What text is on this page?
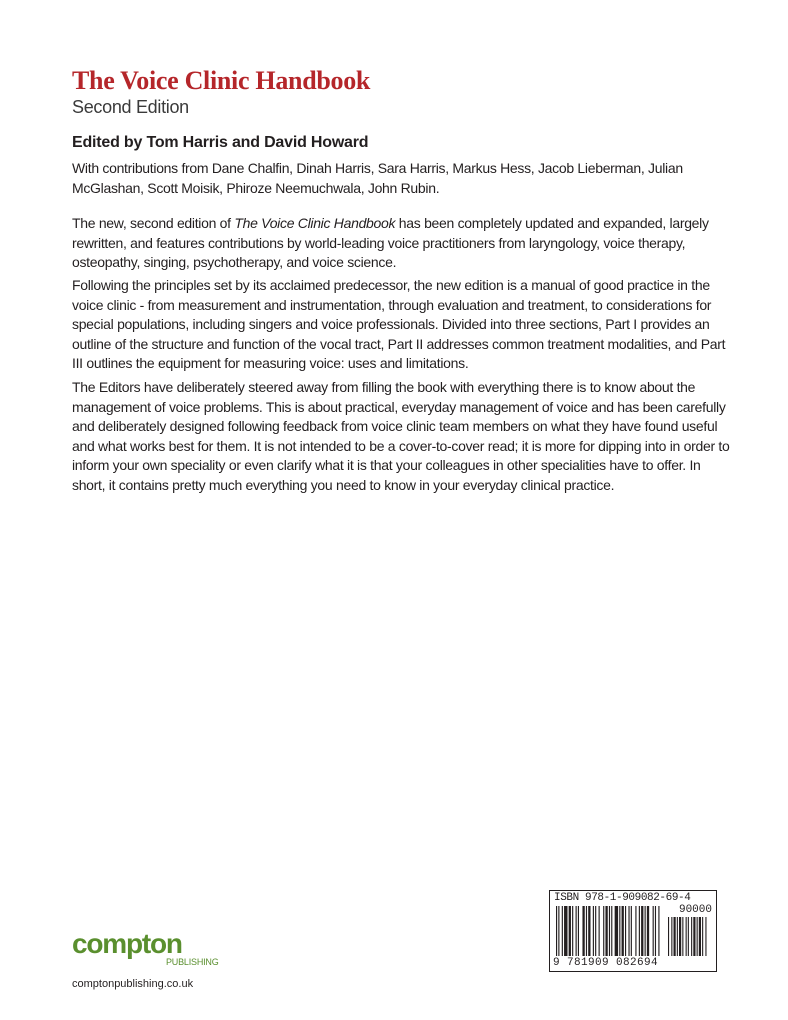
The Voice Clinic Handbook
Second Edition

Edited by Tom Harris and David Howard

With contributions from Dane Chalfin, Dinah Harris, Sara Harris, Markus Hess, Jacob Lieberman, Julian McGlashan, Scott Moisik, Phiroze Neemuchwala, John Rubin.

The new, second edition of The Voice Clinic Handbook has been completely updated and expanded, largely rewritten, and features contributions by world-leading voice practitioners from laryngology, voice therapy, osteopathy, singing, psychotherapy, and voice science.

Following the principles set by its acclaimed predecessor, the new edition is a manual of good practice in the voice clinic - from measurement and instrumentation, through evaluation and treatment, to considerations for special populations, including singers and voice professionals. Divided into three sections, Part I provides an outline of the structure and function of the vocal tract, Part II addresses common treatment modalities, and Part III outlines the equipment for measuring voice: uses and limitations.

The Editors have deliberately steered away from filling the book with everything there is to know about the management of voice problems. This is about practical, everyday management of voice and has been carefully and deliberately designed following feedback from voice clinic team members on what they have found useful and what works best for them. It is not intended to be a cover-to-cover read; it is more for dipping into in order to inform your own speciality or even clarify what it is that your colleagues in other specialities have to offer. In short, it contains pretty much everything you need to know in your everyday clinical practice.

compton
PUBLISHING
comptonpublishing.co.uk
ISBN 978-1-909082-69-4
90000
9 781909 082694
